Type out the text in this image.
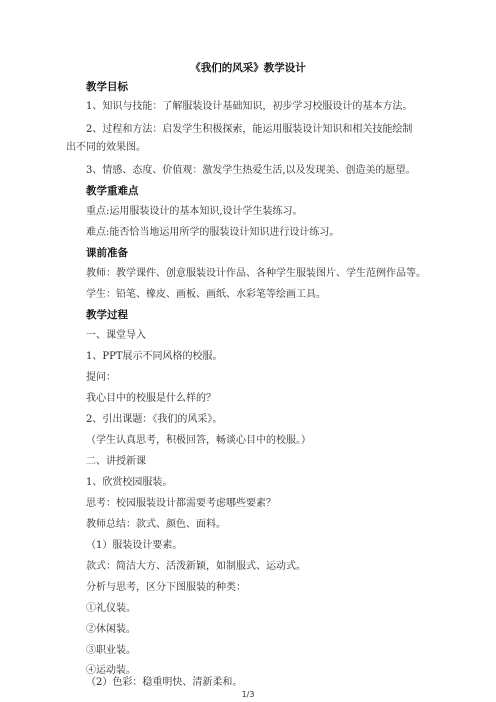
《我们的风采》教学设计
教学目标
1、知识与技能：了解服装设计基础知识，初步学习校服设计的基本方法。
2、过程和方法：启发学生积极探索，能运用服装设计知识和相关技能绘制
出不同的效果图。
3、情感、态度、价值观：激发学生热爱生活,以及发现美、创造美的愿望。
教学重难点
重点:运用服装设计的基本知识,设计学生装练习。
难点:能否恰当地运用所学的服装设计知识进行设计练习。
课前准备
教师：教学课件、创意服装设计作品、各种学生服装图片、学生范例作品等。
学生：铅笔、橡皮、画板、画纸、水彩笔等绘画工具。
教学过程
一、课堂导入
1、PPT展示不同风格的校服。
提问：
我心目中的校服是什么样的？
2、引出课题：《我们的风采》。
（学生认真思考，积极回答，畅谈心目中的校服。）
二、讲授新课
1、欣赏校园服装。
思考：校园服装设计都需要考虑哪些要素？
教师总结：款式、颜色、面料。
（1）服装设计要素。
款式：简洁大方、活泼新颖，如制服式、运动式。
分析与思考，区分下图服装的种类：
①礼仪装。
②休闲装。
③职业装。
④运动装。
（2）色彩：稳重明快、清新柔和。
1/3
